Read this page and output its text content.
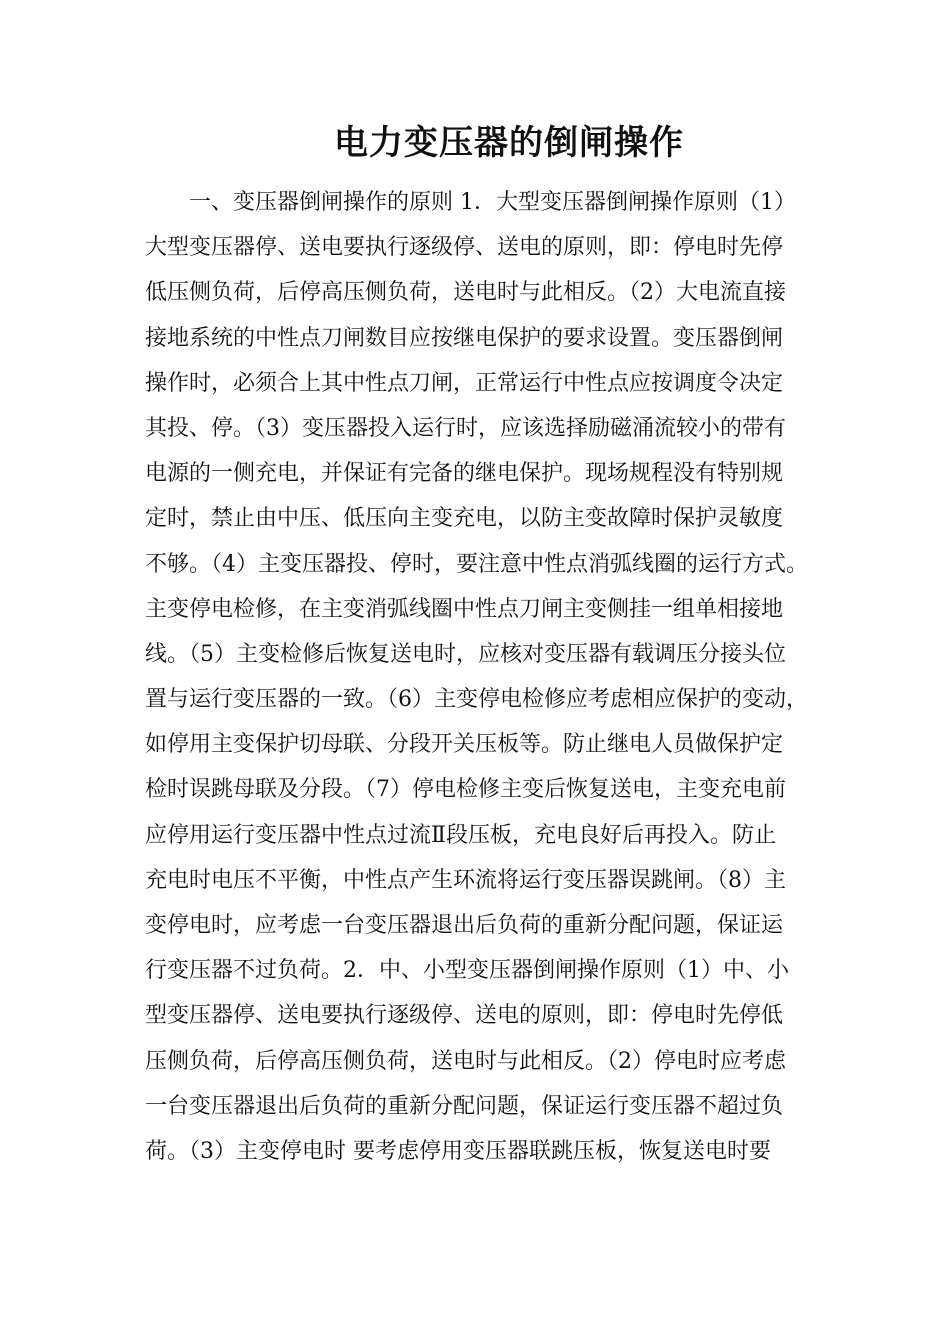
电力变压器的倒闸操作
一、变压器倒闸操作的原则 1．大型变压器倒闸操作原则（1）
大型变压器停、送电要执行逐级停、送电的原则，即：停电时先停
低压侧负荷，后停高压侧负荷，送电时与此相反。（2）大电流直接
接地系统的中性点刀闸数目应按继电保护的要求设置。变压器倒闸
操作时，必须合上其中性点刀闸，正常运行中性点应按调度令决定
其投、停。（3）变压器投入运行时，应该选择励磁涌流较小的带有
电源的一侧充电，并保证有完备的继电保护。现场规程没有特别规
定时，禁止由中压、低压向主变充电，以防主变故障时保护灵敏度
不够。（4）主变压器投、停时，要注意中性点消弧线圈的运行方式。
主变停电检修，在主变消弧线圈中性点刀闸主变侧挂一组单相接地
线。（5）主变检修后恢复送电时，应核对变压器有载调压分接头位
置与运行变压器的一致。（6）主变停电检修应考虑相应保护的变动，
如停用主变保护切母联、分段开关压板等。防止继电人员做保护定
检时误跳母联及分段。（7）停电检修主变后恢复送电，主变充电前
应停用运行变压器中性点过流Ⅱ段压板，充电良好后再投入。防止
充电时电压不平衡，中性点产生环流将运行变压器误跳闸。（8）主
变停电时，应考虑一台变压器退出后负荷的重新分配问题，保证运
行变压器不过负荷。2．中、小型变压器倒闸操作原则（1）中、小
型变压器停、送电要执行逐级停、送电的原则，即：停电时先停低
压侧负荷，后停高压侧负荷，送电时与此相反。（2）停电时应考虑
一台变压器退出后负荷的重新分配问题，保证运行变压器不超过负
荷。（3）主变停电时 要考虑停用变压器联跳压板，恢复送电时要
